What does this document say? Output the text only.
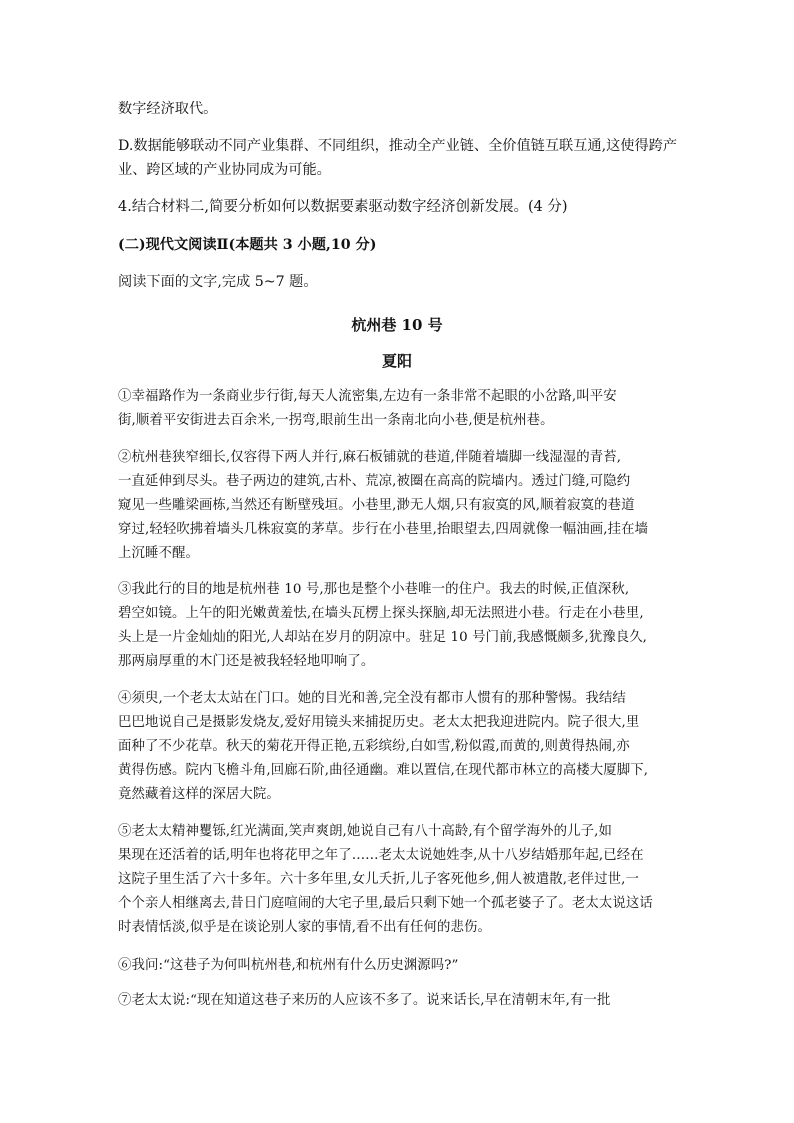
数字经济取代。
D.数据能够联动不同产业集群、不同组织，推动全产业链、全价值链互联互通,这使得跨产
业、跨区域的产业协同成为可能。
4.结合材料二,简要分析如何以数据要素驱动数字经济创新发展。(4 分)
(二)现代文阅读Ⅱ(本题共 3 小题,10 分)
阅读下面的文字,完成 5~7 题。
杭州巷 10 号
夏阳
①幸福路作为一条商业步行街,每天人流密集,左边有一条非常不起眼的小岔路,叫平安
街,顺着平安街进去百余米,一拐弯,眼前生出一条南北向小巷,便是杭州巷。
②杭州巷狭窄细长,仅容得下两人并行,麻石板铺就的巷道,伴随着墙脚一线湿湿的青苔,
一直延伸到尽头。巷子两边的建筑,古朴、荒凉,被圈在高高的院墙内。透过门缝,可隐约
窥见一些雕梁画栋,当然还有断壁残垣。小巷里,渺无人烟,只有寂寞的风,顺着寂寞的巷道
穿过,轻轻吹拂着墙头几株寂寞的茅草。步行在小巷里,抬眼望去,四周就像一幅油画,挂在墙
上沉睡不醒。
③我此行的目的地是杭州巷 10 号,那也是整个小巷唯一的住户。我去的时候,正值深秋,
碧空如镜。上午的阳光嫩黄羞怯,在墙头瓦楞上探头探脑,却无法照进小巷。行走在小巷里,
头上是一片金灿灿的阳光,人却站在岁月的阴凉中。驻足 10 号门前,我感慨颇多,犹豫良久,
那两扇厚重的木门还是被我轻轻地叩响了。
④须臾,一个老太太站在门口。她的目光和善,完全没有都市人惯有的那种警惕。我结结
巴巴地说自己是摄影发烧友,爱好用镜头来捕捉历史。老太太把我迎进院内。院子很大,里
面种了不少花草。秋天的菊花开得正艳,五彩缤纷,白如雪,粉似霞,而黄的,则黄得热闹,亦
黄得伤感。院内飞檐斗角,回廊石阶,曲径通幽。难以置信,在现代都市林立的高楼大厦脚下,
竟然藏着这样的深居大院。
⑤老太太精神矍铄,红光满面,笑声爽朗,她说自己有八十高龄,有个留学海外的儿子,如
果现在还活着的话,明年也将花甲之年了……老太太说她姓李,从十八岁结婚那年起,已经在
这院子里生活了六十多年。六十多年里,女儿夭折,儿子客死他乡,佣人被遣散,老伴过世,一
个个亲人相继离去,昔日门庭喧闹的大宅子里,最后只剩下她一个孤老婆子了。老太太说这话
时表情恬淡,似乎是在谈论别人家的事情,看不出有任何的悲伤。
⑥我问:“这巷子为何叫杭州巷,和杭州有什么历史渊源吗?”
⑦老太太说:“现在知道这巷子来历的人应该不多了。说来话长,早在清朝末年,有一批
